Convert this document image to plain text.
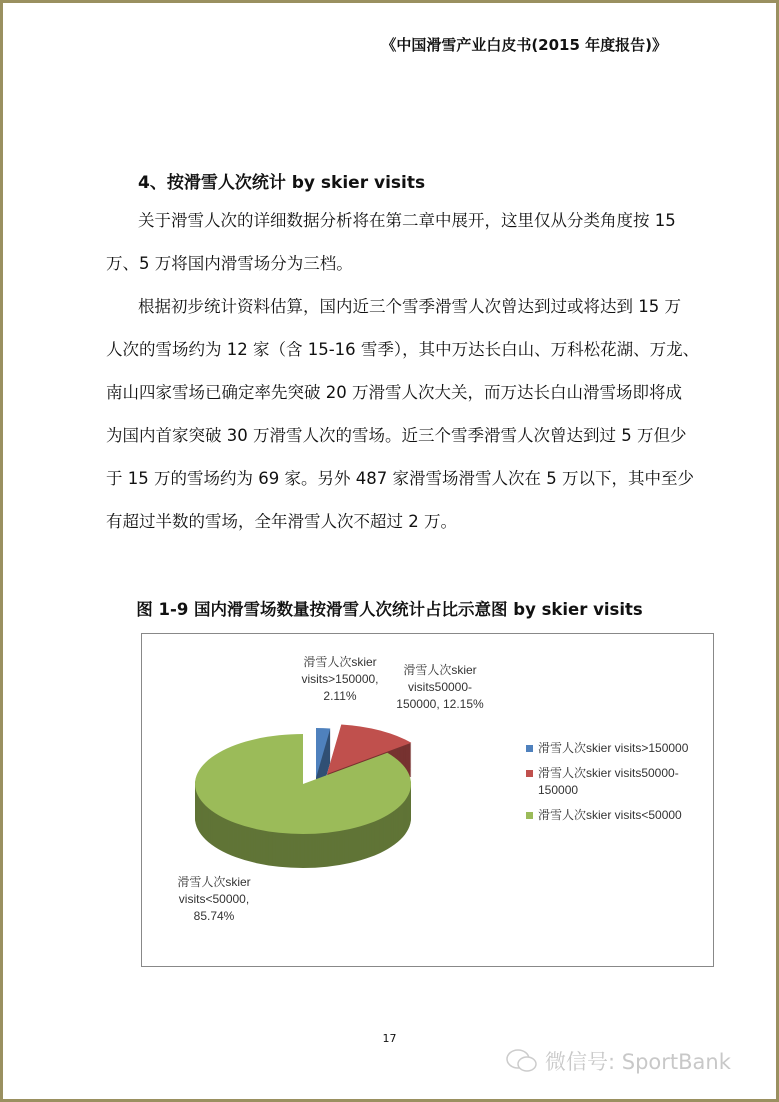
《中国滑雪产业白皮书(2015 年度报告)》
4、按滑雪人次统计 by skier visits
关于滑雪人次的详细数据分析将在第二章中展开，这里仅从分类角度按 15
万、5 万将国内滑雪场分为三档。
根据初步统计资料估算，国内近三个雪季滑雪人次曾达到过或将达到 15 万
人次的雪场约为 12 家（含 15-16 雪季），其中万达长白山、万科松花湖、万龙、
南山四家雪场已确定率先突破 20 万滑雪人次大关，而万达长白山滑雪场即将成
为国内首家突破 30 万滑雪人次的雪场。近三个雪季滑雪人次曾达到过 5 万但少
于 15 万的雪场约为 69 家。另外 487 家滑雪场滑雪人次在 5 万以下，其中至少
有超过半数的雪场，全年滑雪人次不超过 2 万。
图 1-9 国内滑雪场数量按滑雪人次统计占比示意图 by skier visits
滑雪人次skier
visits>150000,
2.11%
滑雪人次skier
visits50000-
150000, 12.15%
滑雪人次skier
visits<50000,
85.74%
滑雪人次skier visits>150000
滑雪人次skier visits50000-
150000
滑雪人次skier visits<50000
17
微信号: SportBank
